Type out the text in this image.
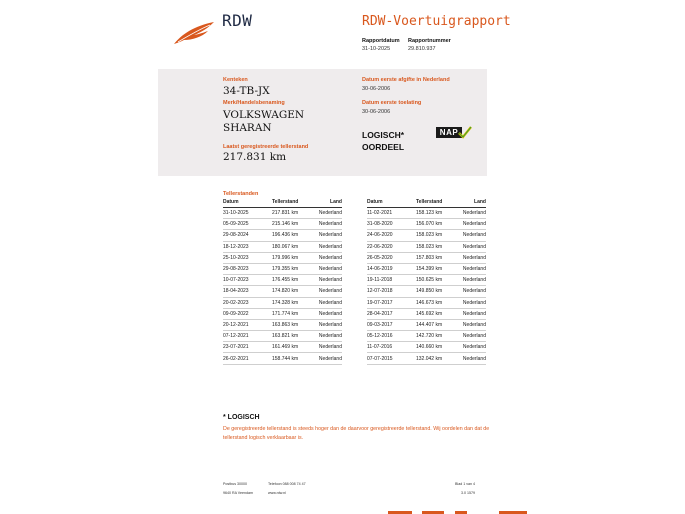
RDW	RDW-Voertuigrapport
Rapportdatum Rapportnummer
31-10-2025	29.810.937
Kenteken
34-TB-JX
Merk/Handelsbenaming
VOLKSWAGEN
SHARAN
Laatst geregistreerde tellerstand
217.831 km
Datum eerste afgifte in Nederland
30-06-2006
Datum eerste toelating
30-06-2006
LOGISCH*
OORDEEL
NAP
Tellerstanden
Datum	Tellerstand	Land
31-10-2025	217.831 km	Nederland
05-09-2025	215.146 km	Nederland
29-08-2024	196.436 km	Nederland
18-12-2023	180.067 km	Nederland
25-10-2023	179.996 km	Nederland
29-08-2023	179.355 km	Nederland
10-07-2023	176.455 km	Nederland
18-04-2023	174.820 km	Nederland
20-02-2023	174.328 km	Nederland
09-09-2022	171.774 km	Nederland
20-12-2021	163.863 km	Nederland
07-12-2021	163.821 km	Nederland
23-07-2021	161.469 km	Nederland
26-02-2021	158.744 km	Nederland
Datum	Tellerstand	Land
11-02-2021	158.123 km	Nederland
31-08-2020	156.070 km	Nederland
24-06-2020	158.023 km	Nederland
22-06-2020	158.023 km	Nederland
26-05-2020	157.803 km	Nederland
14-06-2019	154.399 km	Nederland
19-11-2018	150.625 km	Nederland
12-07-2018	149.850 km	Nederland
19-07-2017	146.673 km	Nederland
28-04-2017	145.692 km	Nederland
09-03-2017	144.407 km	Nederland
05-12-2016	142.720 km	Nederland
11-07-2016	140.660 km	Nederland
07-07-2015	132.042 km	Nederland
* LOGISCH
De geregistreerde tellerstand is steeds hoger dan de daarvoor geregistreerde tellerstand. Wij oordelen dan dat de tellerstand logisch verklaarbaar is.
Postbus 30000
9640 RA Veendam
Telefoon 088 008 74 47
www.rdw.nl
Blad 1 van 4
3.0 1579
